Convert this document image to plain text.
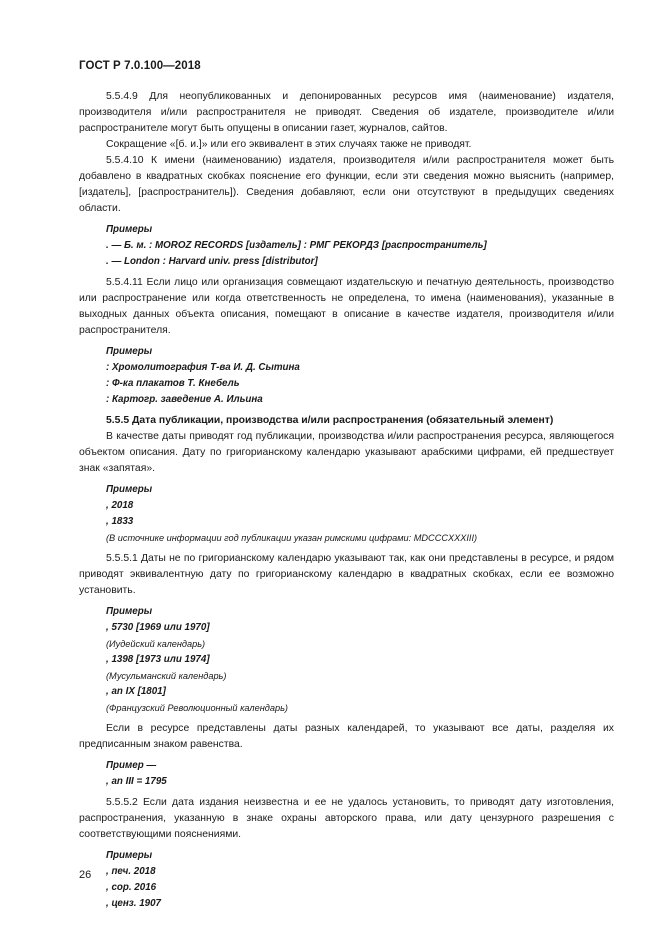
ГОСТ Р 7.0.100—2018

5.5.4.9 Для неопубликованных и депонированных ресурсов имя (наименование) издателя, производителя и/или распространителя не приводят. Сведения об издателе, производителе и/или распространителе могут быть опущены в описании газет, журналов, сайтов.

Сокращение «[б. и.]» или его эквивалент в этих случаях также не приводят.

5.5.4.10 К имени (наименованию) издателя, производителя и/или распространителя может быть добавлено в квадратных скобках пояснение его функции, если эти сведения можно выяснить (например, [издатель], [распространитель]). Сведения добавляют, если они отсутствуют в предыдущих сведениях области.

Примеры
. — Б. м. : MOROZ RECORDS [издатель] : РМГ РЕКОРДЗ [распространитель]
. — London : Harvard univ. press [distributor]

5.5.4.11 Если лицо или организация совмещают издательскую и печатную деятельность, производство или распространение или когда ответственность не определена, то имена (наименования), указанные в выходных данных объекта описания, помещают в описание в качестве издателя, производителя и/или распространителя.

Примеры
: Хромолитография Т-ва И. Д. Сытина
: Ф-ка плакатов Т. Кнебель
: Картогр. заведение А. Ильина
5.5.5 Дата публикации, производства и/или распространения (обязательный элемент)

В качестве даты приводят год публикации, производства и/или распространения ресурса, являющегося объектом описания. Дату по григорианскому календарю указывают арабскими цифрами, ей предшествует знак «запятая».

Примеры
, 2018
, 1833
(В источнике информации год публикации указан римскими цифрами: MDCCCXXXIII)

5.5.5.1 Даты не по григорианскому календарю указывают так, как они представлены в ресурсе, и рядом приводят эквивалентную дату по григорианскому календарю в квадратных скобках, если ее возможно установить.

Примеры
, 5730 [1969 или 1970]
(Иудейский календарь)
, 1398 [1973 или 1974]
(Мусульманский календарь)
, an IX [1801]
(Французский Революционный календарь)

Если в ресурсе представлены даты разных календарей, то указывают все даты, разделяя их предписанным знаком равенства.

Пример —
, an III = 1795

5.5.5.2 Если дата издания неизвестна и ее не удалось установить, то приводят дату изготовления, распространения, указанную в знаке охраны авторского права, или дату цензурного разрешения с соответствующими пояснениями.

Примеры
, печ. 2018
, cop. 2016
, ценз. 1907
26
